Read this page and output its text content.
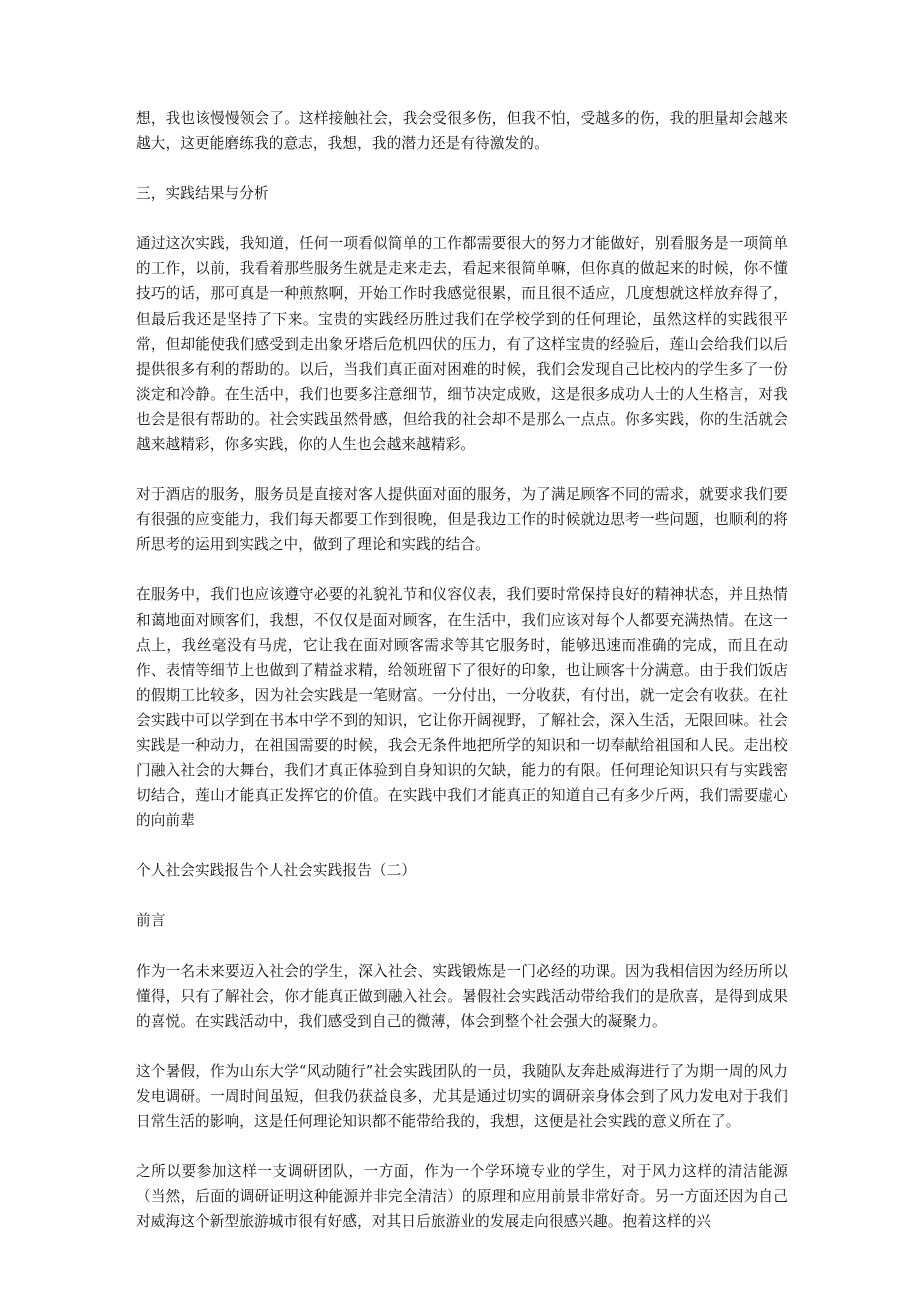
想，我也该慢慢领会了。这样接触社会，我会受很多伤，但我不怕，受越多的伤，我的胆量却会越来越大，这更能磨练我的意志，我想，我的潜力还是有待激发的。

三，实践结果与分析

通过这次实践，我知道，任何一项看似简单的工作都需要很大的努力才能做好，别看服务是一项简单的工作，以前，我看着那些服务生就是走来走去，看起来很简单嘛，但你真的做起来的时候，你不懂技巧的话，那可真是一种煎熬啊，开始工作时我感觉很累，而且很不适应，几度想就这样放弃得了，但最后我还是坚持了下来。宝贵的实践经历胜过我们在学校学到的任何理论，虽然这样的实践很平常，但却能使我们感受到走出象牙塔后危机四伏的压力，有了这样宝贵的经验后，莲山会给我们以后提供很多有利的帮助的。以后，当我们真正面对困难的时候，我们会发现自己比校内的学生多了一份淡定和冷静。在生活中，我们也要多注意细节，细节决定成败，这是很多成功人士的人生格言，对我也会是很有帮助的。社会实践虽然骨感，但给我的社会却不是那么一点点。你多实践，你的生活就会越来越精彩，你多实践，你的人生也会越来越精彩。

对于酒店的服务，服务员是直接对客人提供面对面的服务，为了满足顾客不同的需求，就要求我们要有很强的应变能力，我们每天都要工作到很晚，但是我边工作的时候就边思考一些问题，也顺利的将所思考的运用到实践之中，做到了理论和实践的结合。

在服务中，我们也应该遵守必要的礼貌礼节和仪容仪表，我们要时常保持良好的精神状态，并且热情和蔼地面对顾客们，我想，不仅仅是面对顾客，在生活中，我们应该对每个人都要充满热情。在这一点上，我丝毫没有马虎，它让我在面对顾客需求等其它服务时，能够迅速而准确的完成，而且在动作、表情等细节上也做到了精益求精，给领班留下了很好的印象，也让顾客十分满意。由于我们饭店的假期工比较多，因为社会实践是一笔财富。一分付出，一分收获，有付出，就一定会有收获。在社会实践中可以学到在书本中学不到的知识，它让你开阔视野，了解社会，深入生活，无限回味。社会实践是一种动力，在祖国需要的时候，我会无条件地把所学的知识和一切奉献给祖国和人民。走出校门融入社会的大舞台，我们才真正体验到自身知识的欠缺，能力的有限。任何理论知识只有与实践密切结合，莲山才能真正发挥它的价值。在实践中我们才能真正的知道自己有多少斤两，我们需要虚心的向前辈

个人社会实践报告个人社会实践报告（二）

前言

作为一名未来要迈入社会的学生，深入社会、实践锻炼是一门必经的功课。因为我相信因为经历所以懂得，只有了解社会，你才能真正做到融入社会。暑假社会实践活动带给我们的是欣喜，是得到成果的喜悦。在实践活动中，我们感受到自己的微薄，体会到整个社会强大的凝聚力。

这个暑假，作为山东大学“风动随行”社会实践团队的一员，我随队友奔赴威海进行了为期一周的风力发电调研。一周时间虽短，但我仍获益良多，尤其是通过切实的调研亲身体会到了风力发电对于我们日常生活的影响，这是任何理论知识都不能带给我的，我想，这便是社会实践的意义所在了。

之所以要参加这样一支调研团队，一方面，作为一个学环境专业的学生，对于风力这样的清洁能源（当然，后面的调研证明这种能源并非完全清洁）的原理和应用前景非常好奇。另一方面还因为自己对威海这个新型旅游城市很有好感，对其日后旅游业的发展走向很感兴趣。抱着这样的兴
